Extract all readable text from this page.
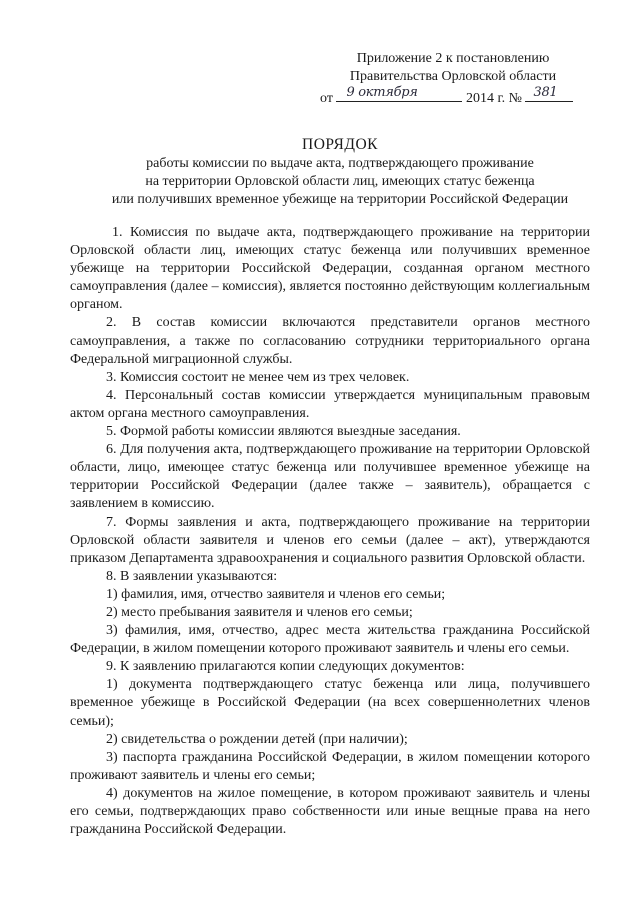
Приложение 2 к постановлению
Правительства Орловской области
от 9 октября	2014 г. № 381
ПОРЯДОК
работы комиссии по выдаче акта, подтверждающего проживание
на территории Орловской области лиц, имеющих статус беженца
или получивших временное убежище на территории Российской Федерации

1. Комиссия по выдаче акта, подтверждающего проживание на территории Орловской области лиц, имеющих статус беженца или получивших временное убежище на территории Российской Федерации, созданная органом местного самоуправления (далее – комиссия), является постоянно действующим коллегиальным органом.

2. В состав комиссии включаются представители органов местного самоуправления, а также по согласованию сотрудники территориального органа Федеральной миграционной службы.

3. Комиссия состоит не менее чем из трех человек.

4. Персональный состав комиссии утверждается муниципальным правовым актом органа местного самоуправления.

5. Формой работы комиссии являются выездные заседания.

6. Для получения акта, подтверждающего проживание на территории Орловской области, лицо, имеющее статус беженца или получившее временное убежище на территории Российской Федерации (далее также – заявитель), обращается с заявлением в комиссию.

7. Формы заявления и акта, подтверждающего проживание на территории Орловской области заявителя и членов его семьи (далее – акт), утверждаются приказом Департамента здравоохранения и социального развития Орловской области.

8. В заявлении указываются:

1) фамилия, имя, отчество заявителя и членов его семьи;

2) место пребывания заявителя и членов его семьи;

3) фамилия, имя, отчество, адрес места жительства гражданина Российской Федерации, в жилом помещении которого проживают заявитель и члены его семьи.

9. К заявлению прилагаются копии следующих документов:

1) документа подтверждающего статус беженца или лица, получившего временное убежище в Российской Федерации (на всех совершеннолетних членов семьи);

2) свидетельства о рождении детей (при наличии);

3) паспорта гражданина Российской Федерации, в жилом помещении которого проживают заявитель и члены его семьи;

4) документов на жилое помещение, в котором проживают заявитель и члены его семьи, подтверждающих право собственности или иные вещные права на него гражданина Российской Федерации.
